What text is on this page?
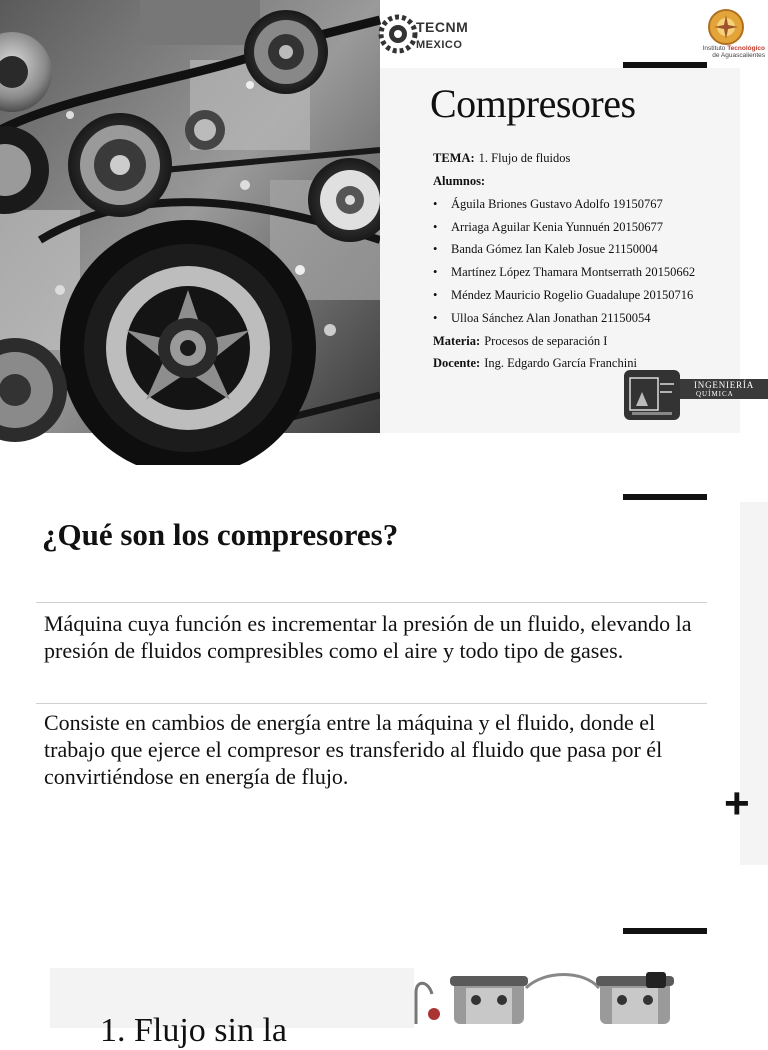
TECNM
MEXICO	Instituto Tecnológico
de Aguascalientes
Compresores
TEMA: 1. Flujo de fluidos
Alumnos:
•	Águila Briones Gustavo Adolfo 19150767
•	Arriaga Aguilar Kenia Yunnuén 20150677
•	Banda Gómez Ian Kaleb Josue 21150004
•	Martínez López Thamara Montserrath 20150662
•	Méndez Mauricio Rogelio Guadalupe 20150716
•	Ulloa Sánchez Alan Jonathan 21150054
Materia: Procesos de separación I
Docente: Ing. Edgardo García Franchini
INGENIERÍA
QUÍMICA
¿Qué son los compresores?

Máquina cuya función es incrementar la presión de un fluido, elevando la presión de fluidos compresibles como el aire y todo tipo de gases.

Consiste en cambios de energía entre la máquina y el fluido, donde el trabajo que ejerce el compresor es transferido al fluido que pasa por él convirtiéndose en energía de flujo.

+
1. Flujo sin la
